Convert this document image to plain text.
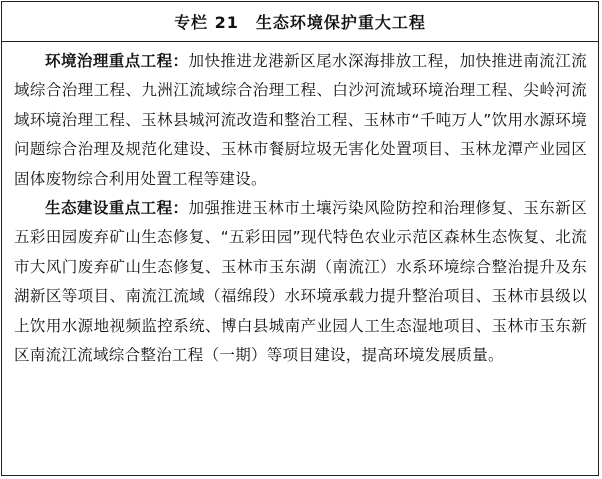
专栏 21　生态环境保护重大工程

环境治理重点工程：加快推进龙港新区尾水深海排放工程，加快推进南流江流域综合治理工程、九洲江流域综合治理工程、白沙河流域环境治理工程、尖岭河流域环境治理工程、玉林县城河流改造和整治工程、玉林市“千吨万人”饮用水源环境问题综合治理及规范化建设、玉林市餐厨垃圾无害化处置项目、玉林龙潭产业园区固体废物综合利用处置工程等建设。

生态建设重点工程：加强推进玉林市土壤污染风险防控和治理修复、玉东新区五彩田园废弃矿山生态修复、“五彩田园”现代特色农业示范区森林生态恢复、北流市大风门废弃矿山生态修复、玉林市玉东湖（南流江）水系环境综合整治提升及东湖新区等项目、南流江流域（福绵段）水环境承载力提升整治项目、玉林市县级以上饮用水源地视频监控系统、博白县城南产业园人工生态湿地项目、玉林市玉东新区南流江流域综合整治工程（一期）等项目建设，提高环境发展质量。
